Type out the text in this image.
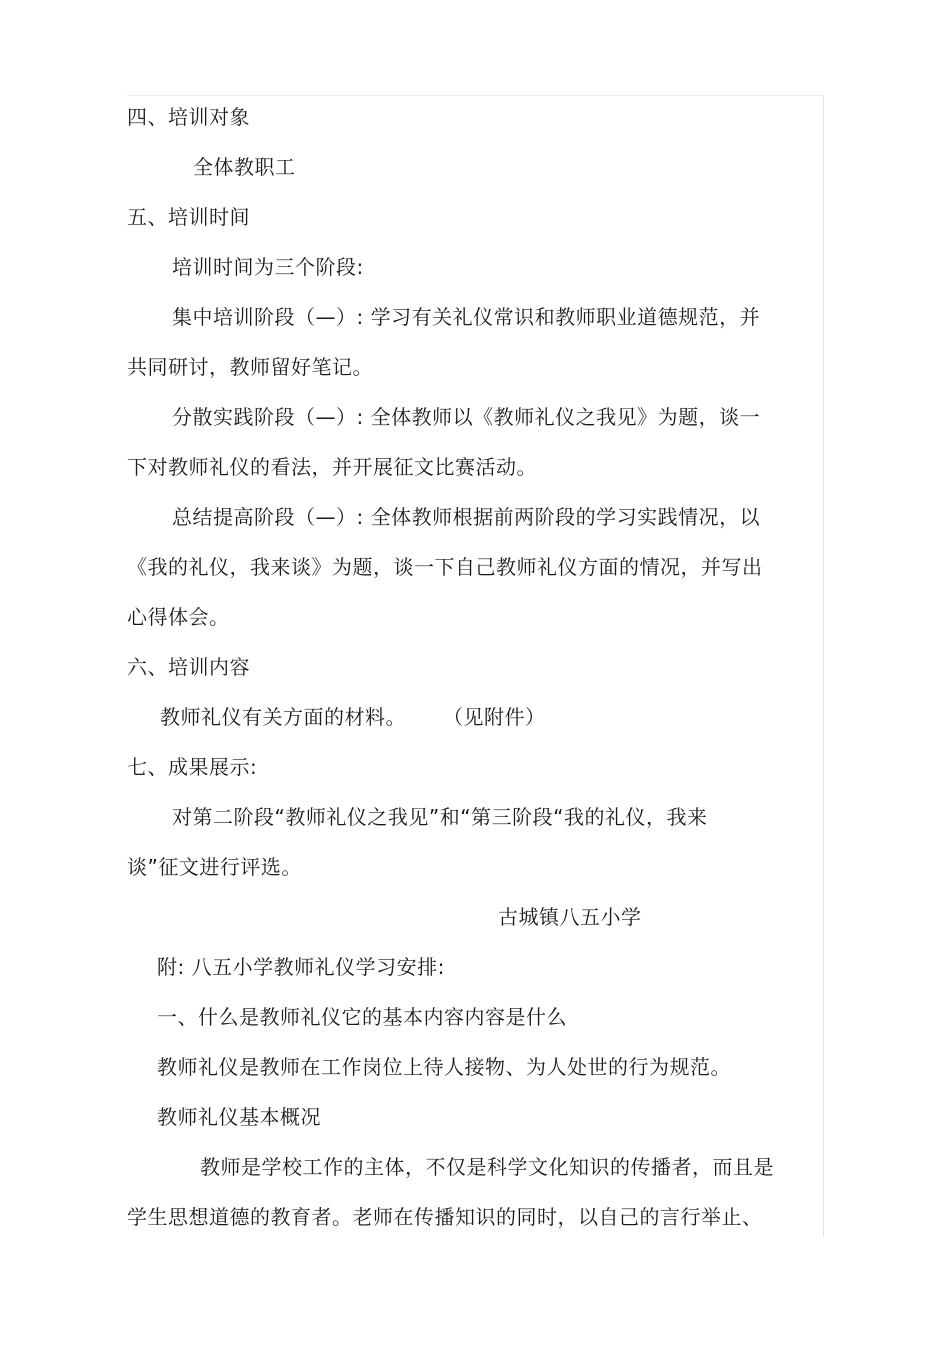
四、培训对象
全体教职工
五、培训时间
培训时间为三个阶段:
集中培训阶段（—）: 学习有关礼仪常识和教师职业道德规范，并
共同研讨，教师留好笔记。
分散实践阶段（—）: 全体教师以《教师礼仪之我见》为题，谈一
下对教师礼仪的看法，并开展征文比赛活动。
总结提高阶段（—）: 全体教师根据前两阶段的学习实践情况，以
《我的礼仪，我来谈》为题，谈一下自己教师礼仪方面的情况，并写出
心得体会。
六、培训内容
教师礼仪有关方面的材料。 （见附件）
七、成果展示:
对第二阶段“教师礼仪之我见”和“第三阶段“我的礼仪，我来
谈”征文进行评选。
古城镇八五小学
附: 八五小学教师礼仪学习安排:
一、什么是教师礼仪它的基本内容内容是什么
教师礼仪是教师在工作岗位上待人接物、为人处世的行为规范。
教师礼仪基本概况
教师是学校工作的主体，不仅是科学文化知识的传播者，而且是
学生思想道德的教育者。老师在传播知识的同时，以自己的言行举止、
